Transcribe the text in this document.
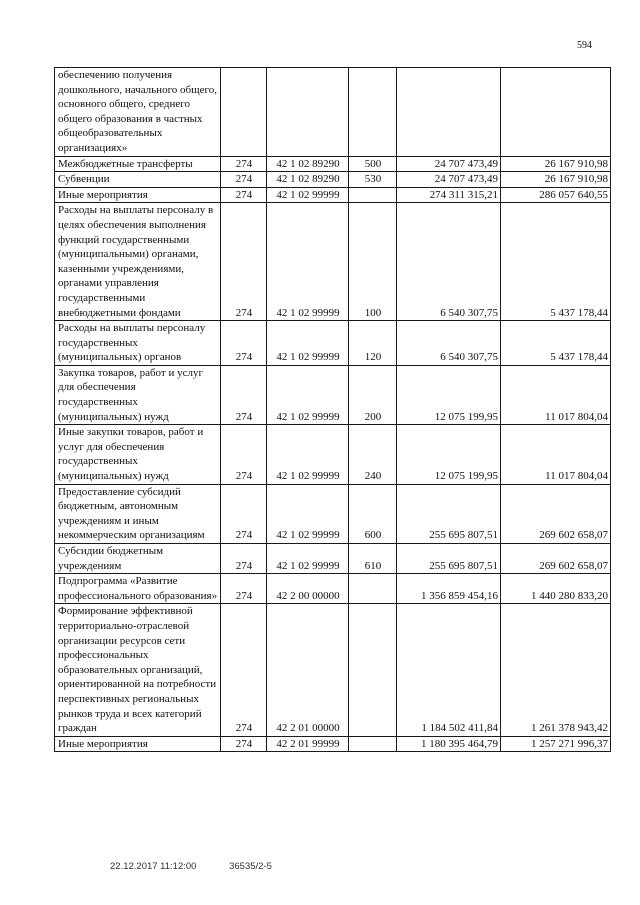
594
обеспечению получения дошкольного, начального общего, основного общего, среднего общего образования в частных общеобразовательных организациях»					
Межбюджетные трансферты	274	42 1 02 89290	500	24 707 473,49	26 167 910,98
Субвенции	274	42 1 02 89290	530	24 707 473,49	26 167 910,98
Иные мероприятия	274	42 1 02 99999		274 311 315,21	286 057 640,55
Расходы на выплаты персоналу в целях обеспечения выполнения функций государственными (муниципальными) органами, казенными учреждениями, органами управления государственными внебюджетными фондами	274	42 1 02 99999	100	6 540 307,75	5 437 178,44
Расходы на выплаты персоналу государственных (муниципальных) органов	274	42 1 02 99999	120	6 540 307,75	5 437 178,44
Закупка товаров, работ и услуг для обеспечения государственных (муниципальных) нужд	274	42 1 02 99999	200	12 075 199,95	11 017 804,04
Иные закупки товаров, работ и услуг для обеспечения государственных (муниципальных) нужд	274	42 1 02 99999	240	12 075 199,95	11 017 804,04
Предоставление субсидий бюджетным, автономным учреждениям и иным некоммерческим организациям	274	42 1 02 99999	600	255 695 807,51	269 602 658,07
Субсидии бюджетным учреждениям	274	42 1 02 99999	610	255 695 807,51	269 602 658,07
Подпрограмма «Развитие профессионального образования»	274	42 2 00 00000		1 356 859 454,16	1 440 280 833,20
Формирование эффективной территориально-отраслевой организации ресурсов сети профессиональных образовательных организаций, ориентированной на потребности перспективных региональных рынков труда и всех категорий граждан	274	42 2 01 00000		1 184 502 411,84	1 261 378 943,42
Иные мероприятия	274	42 2 01 99999		1 180 395 464,79	1 257 271 996,37
22.12.2017 11:12:00	36535/2-5
